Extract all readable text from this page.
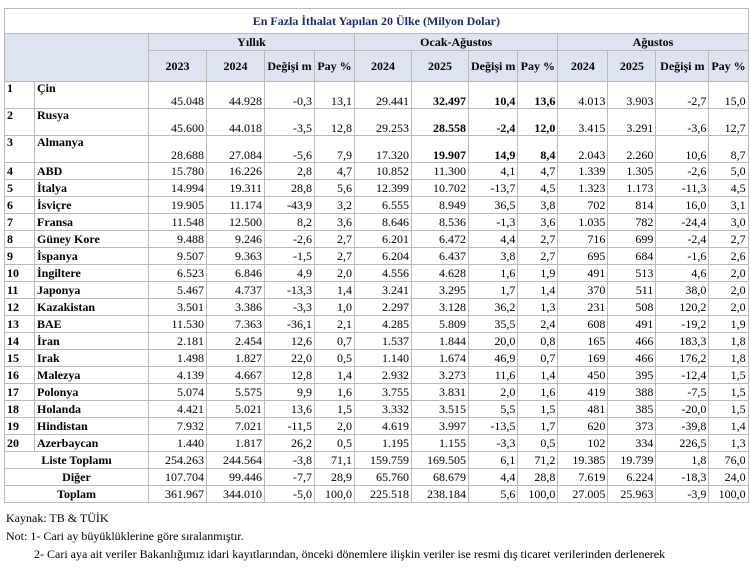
En Fazla İthalat Yapılan 20 Ülke (Milyon Dolar)													
		Yıllık				Ocak-Ağustos				Ağustos			
		2023	2024	Değişi m	Pay %	2024	2025	Değişi m	Pay %	2024	2025	Değişi m	Pay %
1	Çin	45.048	44.928	-0,3	13,1	29.441	32.497	10,4	13,6	4.013	3.903	-2,7	15,0
2	Rusya	45.600	44.018	-3,5	12,8	29.253	28.558	-2,4	12,0	3.415	3.291	-3,6	12,7
3	Almanya	28.688	27.084	-5,6	7,9	17.320	19.907	14,9	8,4	2.043	2.260	10,6	8,7
4	ABD	15.780	16.226	2,8	4,7	10.852	11.300	4,1	4,7	1.339	1.305	-2,6	5,0
5	İtalya	14.994	19.311	28,8	5,6	12.399	10.702	-13,7	4,5	1.323	1.173	-11,3	4,5
6	İsviçre	19.905	11.174	-43,9	3,2	6.555	8.949	36,5	3,8	702	814	16,0	3,1
7	Fransa	11.548	12.500	8,2	3,6	8.646	8.536	-1,3	3,6	1.035	782	-24,4	3,0
8	Güney Kore	9.488	9.246	-2,6	2,7	6.201	6.472	4,4	2,7	716	699	-2,4	2,7
9	İspanya	9.507	9.363	-1,5	2,7	6.204	6.437	3,8	2,7	695	684	-1,6	2,6
10	İngiltere	6.523	6.846	4,9	2,0	4.556	4.628	1,6	1,9	491	513	4,6	2,0
11	Japonya	5.467	4.737	-13,3	1,4	3.241	3.295	1,7	1,4	370	511	38,0	2,0
12	Kazakistan	3.501	3.386	-3,3	1,0	2.297	3.128	36,2	1,3	231	508	120,2	2,0
13	BAE	11.530	7.363	-36,1	2,1	4.285	5.809	35,5	2,4	608	491	-19,2	1,9
14	İran	2.181	2.454	12,6	0,7	1.537	1.844	20,0	0,8	165	466	183,3	1,8
15	Irak	1.498	1.827	22,0	0,5	1.140	1.674	46,9	0,7	169	466	176,2	1,8
16	Malezya	4.139	4.667	12,8	1,4	2.932	3.273	11,6	1,4	450	395	-12,4	1,5
17	Polonya	5.074	5.575	9,9	1,6	3.755	3.831	2,0	1,6	419	388	-7,5	1,5
18	Holanda	4.421	5.021	13,6	1,5	3.332	3.515	5,5	1,5	481	385	-20,0	1,5
19	Hindistan	7.932	7.021	-11,5	2,0	4.619	3.997	-13,5	1,7	620	373	-39,8	1,4
20	Azerbaycan	1.440	1.817	26,2	0,5	1.195	1.155	-3,3	0,5	102	334	226,5	1,3
Liste Toplamı		254.263	244.564	-3,8	71,1	159.759	169.505	6,1	71,2	19.385	19.739	1,8	76,0
Diğer		107.704	99.446	-7,7	28,9	65.760	68.679	4,4	28,8	7.619	6.224	-18,3	24,0
Toplam		361.967	344.010	-5,0	100,0	225.518	238.184	5,6	100,0	27.005	25.963	-3,9	100,0
Kaynak: TB & TÜİK
Not: 1- Cari ay büyüklüklerine göre sıralanmıştır.
2- Cari aya ait veriler Bakanlığımız idari kayıtlarından, önceki dönemlere ilişkin veriler ise resmi dış ticaret verilerinden derlenerek
